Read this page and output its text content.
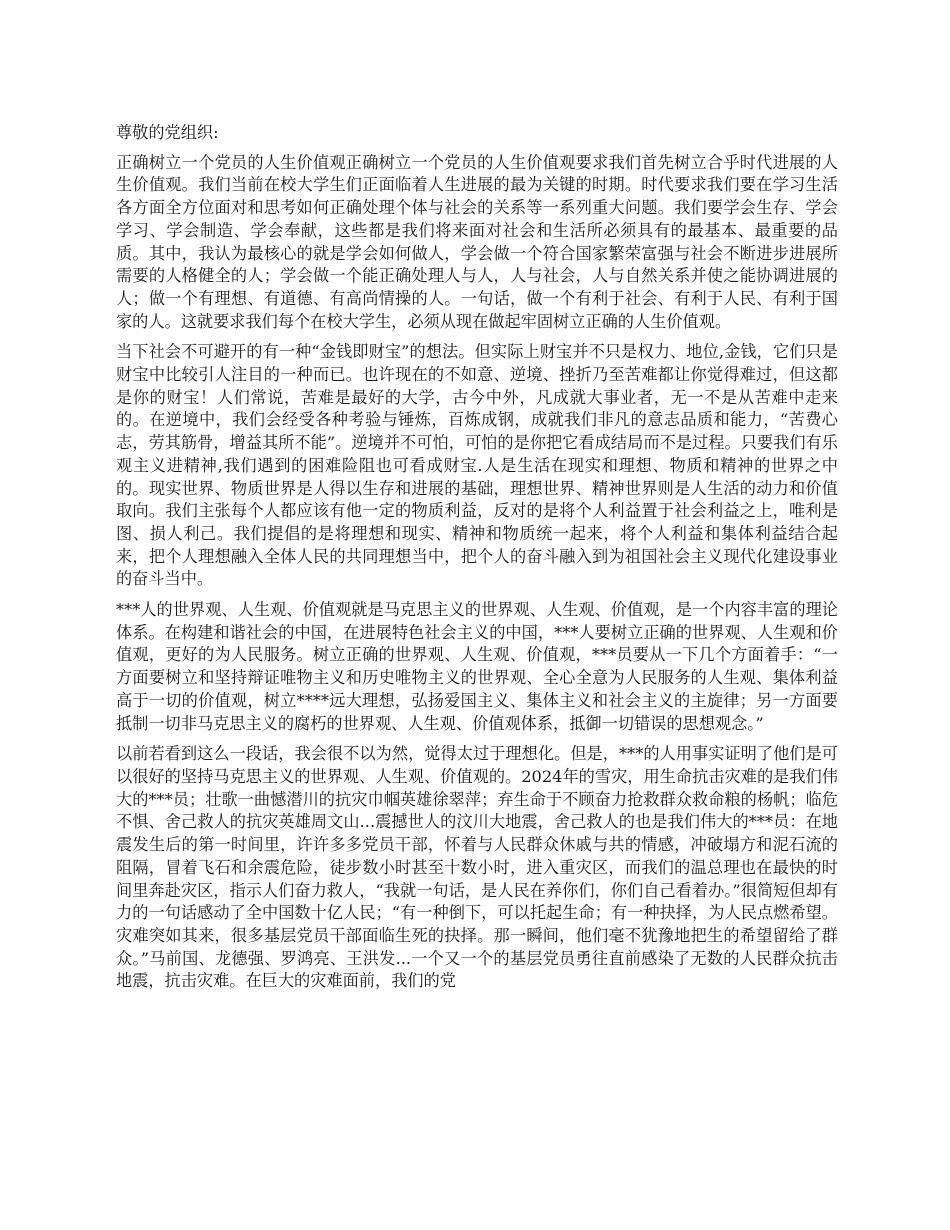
尊敬的党组织:

正确树立一个党员的人生价值观正确树立一个党员的人生价值观要求我们首先树立合乎时代进展的人生价值观。我们当前在校大学生们正面临着人生进展的最为关键的时期。时代要求我们要在学习生活各方面全方位面对和思考如何正确处理个体与社会的关系等一系列重大问题。我们要学会生存、学会学习、学会制造、学会奉献，这些都是我们将来面对社会和生活所必须具有的最基本、最重要的品质。其中，我认为最核心的就是学会如何做人，学会做一个符合国家繁荣富强与社会不断进步进展所需要的人格健全的人；学会做一个能正确处理人与人，人与社会，人与自然关系并使之能协调进展的人；做一个有理想、有道德、有高尚情操的人。一句话，做一个有利于社会、有利于人民、有利于国家的人。这就要求我们每个在校大学生，必须从现在做起牢固树立正确的人生价值观。

当下社会不可避开的有一种“金钱即财宝”的想法。但实际上财宝并不只是权力、地位,金钱，它们只是财宝中比较引人注目的一种而已。也许现在的不如意、逆境、挫折乃至苦难都让你觉得难过，但这都是你的财宝！人们常说，苦难是最好的大学，古今中外，凡成就大事业者，无一不是从苦难中走来的。在逆境中，我们会经受各种考验与锤炼，百炼成钢，成就我们非凡的意志品质和能力，“苦费心志，劳其筋骨，增益其所不能”。逆境并不可怕，可怕的是你把它看成结局而不是过程。只要我们有乐观主义进精神,我们遇到的困难险阻也可看成财宝.人是生活在现实和理想、物质和精神的世界之中的。现实世界、物质世界是人得以生存和进展的基础，理想世界、精神世界则是人生活的动力和价值取向。我们主张每个人都应该有他一定的物质利益，反对的是将个人利益置于社会利益之上，唯利是图、损人利己。我们提倡的是将理想和现实、精神和物质统一起来，将个人利益和集体利益结合起来，把个人理想融入全体人民的共同理想当中，把个人的奋斗融入到为祖国社会主义现代化建设事业的奋斗当中。

***人的世界观、人生观、价值观就是马克思主义的世界观、人生观、价值观，是一个内容丰富的理论体系。在构建和谐社会的中国，在进展特色社会主义的中国，***人要树立正确的世界观、人生观和价值观，更好的为人民服务。树立正确的世界观、人生观、价值观，***员要从一下几个方面着手：“一方面要树立和坚持辩证唯物主义和历史唯物主义的世界观、全心全意为人民服务的人生观、集体利益高于一切的价值观，树立****远大理想，弘扬爱国主义、集体主义和社会主义的主旋律；另一方面要抵制一切非马克思主义的腐朽的世界观、人生观、价值观体系，抵御一切错误的思想观念。”

以前若看到这么一段话，我会很不以为然，觉得太过于理想化。但是，***的人用事实证明了他们是可以很好的坚持马克思主义的世界观、人生观、价值观的。2024年的雪灾，用生命抗击灾难的是我们伟大的***员；壮歌一曲憾潜川的抗灾巾帼英雄徐翠萍；弃生命于不顾奋力抢救群众救命粮的杨帆；临危不惧、舍己救人的抗灾英雄周文山...震撼世人的汶川大地震，舍己救人的也是我们伟大的***员：在地震发生后的第一时间里，许许多多党员干部，怀着与人民群众休戚与共的情感，冲破塌方和泥石流的阻隔，冒着飞石和余震危险，徒步数小时甚至十数小时，进入重灾区，而我们的温总理也在最快的时间里奔赴灾区，指示人们奋力救人，“我就一句话，是人民在养你们，你们自己看着办。”很简短但却有力的一句话感动了全中国数十亿人民；“有一种倒下，可以托起生命；有一种抉择，为人民点燃希望。灾难突如其来，很多基层党员干部面临生死的抉择。那一瞬间，他们毫不犹豫地把生的希望留给了群众。”马前国、龙德强、罗鸿亮、王洪发...一个又一个的基层党员勇往直前感染了无数的人民群众抗击地震，抗击灾难。在巨大的灾难面前，我们的党
